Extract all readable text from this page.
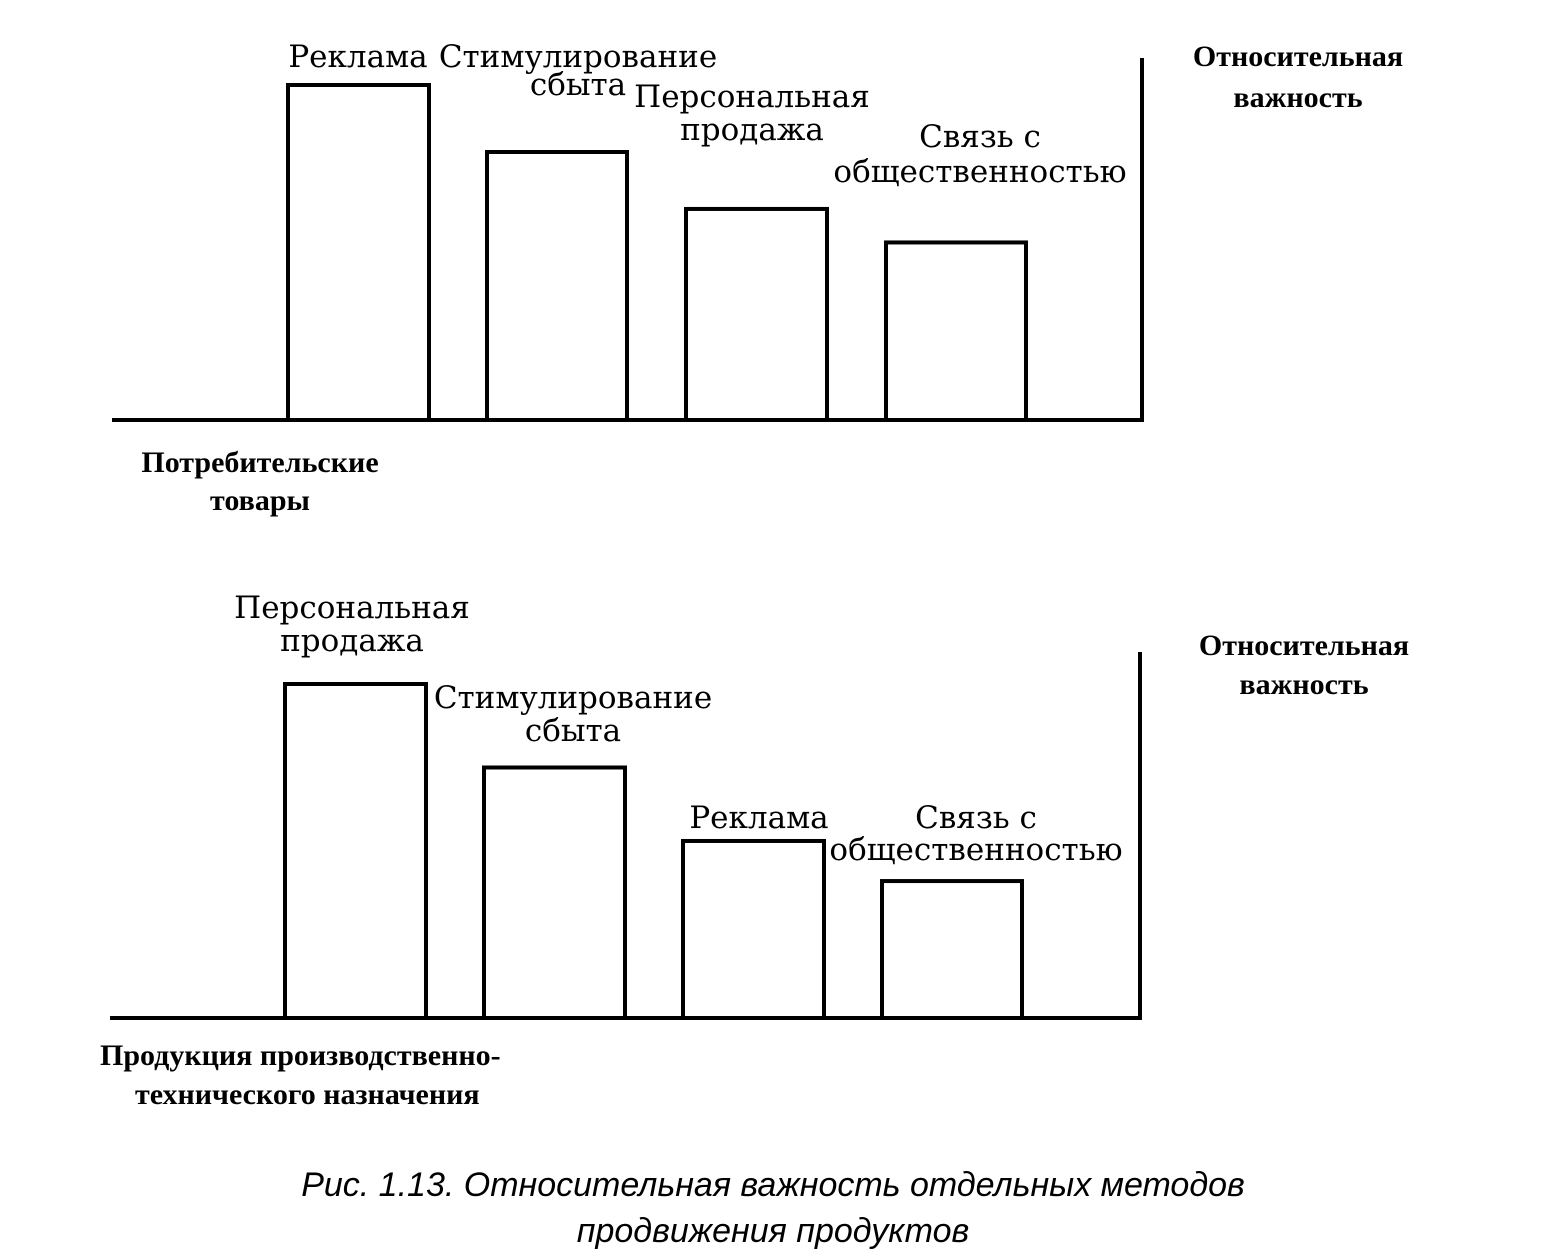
Реклама Стимулирование
сбыта Персональная
продажа	Связь с
общественностью
Относительная
важность
Потребительские
товары
Персональная
продажа
Стимулирование
сбыта
Реклама	Связь с
общественностью
Относительная
важность
Продукция производственно-
технического назначения
Рис. 1.13. Относительная важность отдельных методов
продвижения продуктов
